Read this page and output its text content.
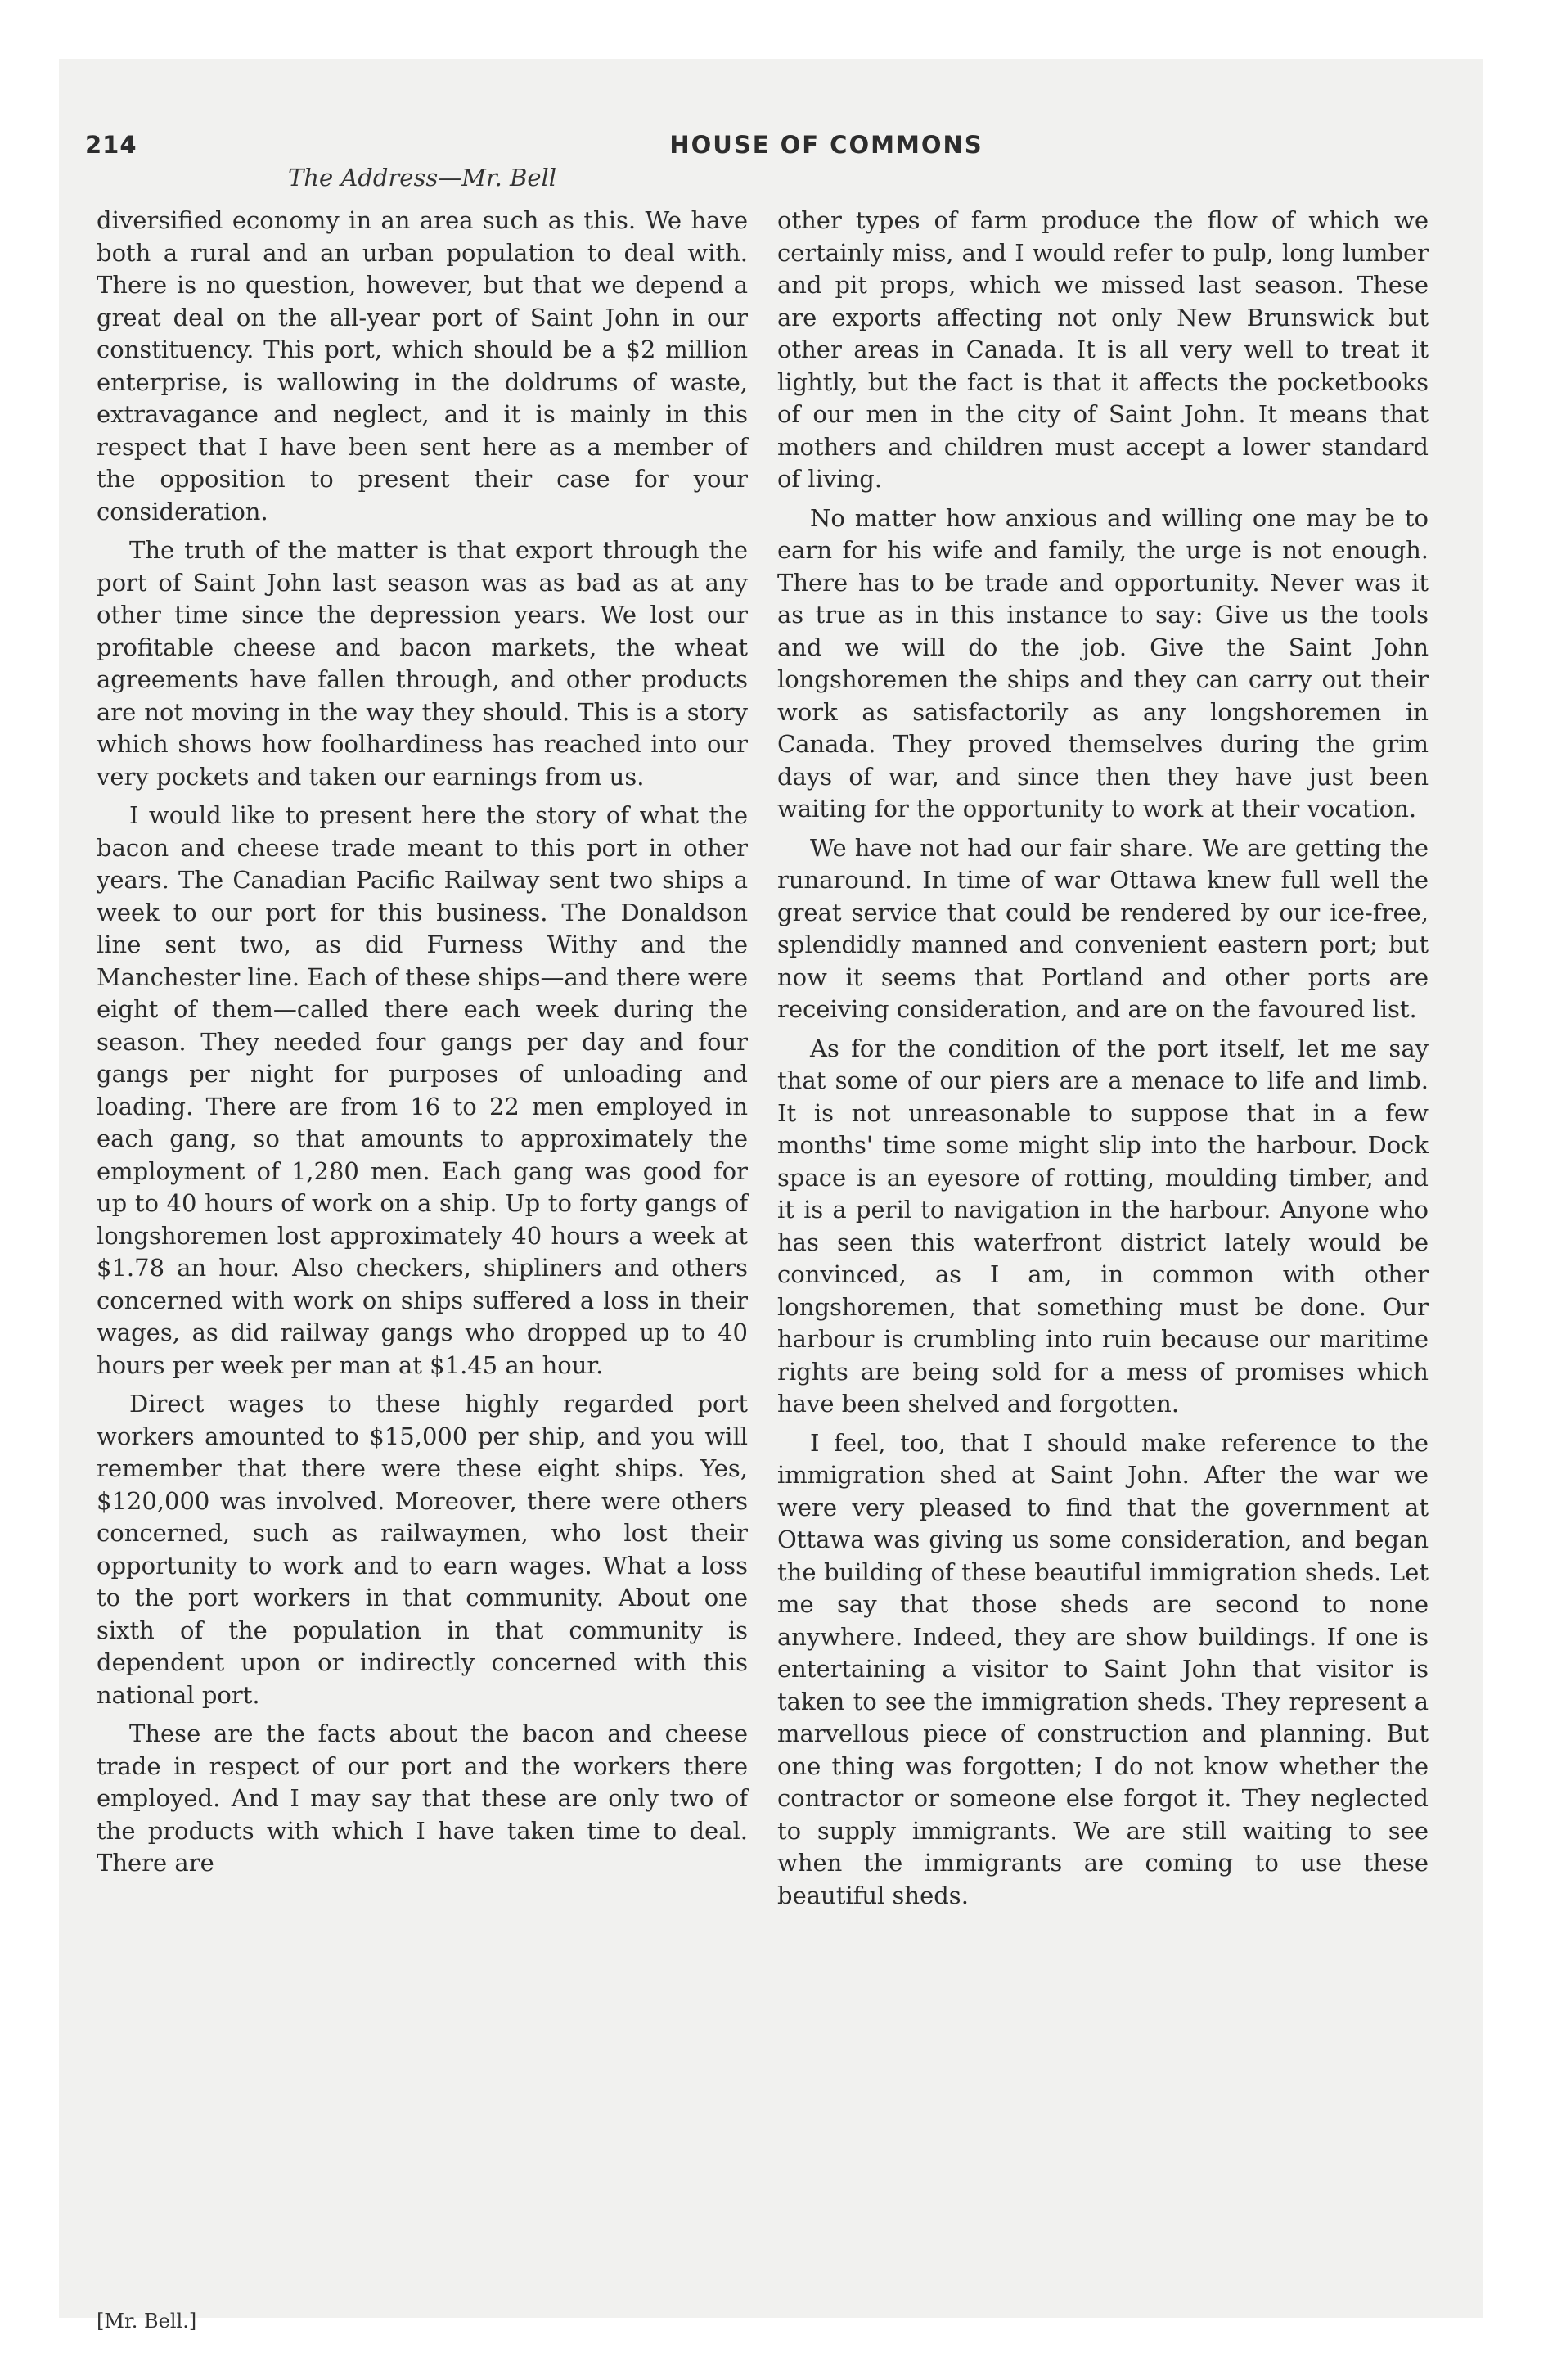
214	HOUSE OF COMMONS
The Address—Mr. Bell

diversified economy in an area such as this. We have both a rural and an urban population to deal with. There is no question, however, but that we depend a great deal on the all-year port of Saint John in our constituency. This port, which should be a $2 million enterprise, is wallowing in the doldrums of waste, extravagance and neglect, and it is mainly in this respect that I have been sent here as a member of the opposition to present their case for your consideration.

The truth of the matter is that export through the port of Saint John last season was as bad as at any other time since the depression years. We lost our profitable cheese and bacon markets, the wheat agreements have fallen through, and other products are not moving in the way they should. This is a story which shows how foolhardiness has reached into our very pockets and taken our earnings from us.

I would like to present here the story of what the bacon and cheese trade meant to this port in other years. The Canadian Pacific Railway sent two ships a week to our port for this business. The Donaldson line sent two, as did Furness Withy and the Manchester line. Each of these ships—and there were eight of them—called there each week during the season. They needed four gangs per day and four gangs per night for purposes of unloading and loading. There are from 16 to 22 men employed in each gang, so that amounts to approximately the employment of 1,280 men. Each gang was good for up to 40 hours of work on a ship. Up to forty gangs of longshoremen lost approximately 40 hours a week at $1.78 an hour. Also checkers, shipliners and others concerned with work on ships suffered a loss in their wages, as did railway gangs who dropped up to 40 hours per week per man at $1.45 an hour.

Direct wages to these highly regarded port workers amounted to $15,000 per ship, and you will remember that there were these eight ships. Yes, $120,000 was involved. Moreover, there were others concerned, such as railwaymen, who lost their opportunity to work and to earn wages. What a loss to the port workers in that community. About one sixth of the population in that community is dependent upon or indirectly concerned with this national port.

These are the facts about the bacon and cheese trade in respect of our port and the workers there employed. And I may say that these are only two of the products with which I have taken time to deal. There are

other types of farm produce the flow of which we certainly miss, and I would refer to pulp, long lumber and pit props, which we missed last season. These are exports affecting not only New Brunswick but other areas in Canada. It is all very well to treat it lightly, but the fact is that it affects the pocketbooks of our men in the city of Saint John. It means that mothers and children must accept a lower standard of living.

No matter how anxious and willing one may be to earn for his wife and family, the urge is not enough. There has to be trade and opportunity. Never was it as true as in this instance to say: Give us the tools and we will do the job. Give the Saint John longshoremen the ships and they can carry out their work as satisfactorily as any longshoremen in Canada. They proved themselves during the grim days of war, and since then they have just been waiting for the opportunity to work at their vocation.

We have not had our fair share. We are getting the runaround. In time of war Ottawa knew full well the great service that could be rendered by our ice-free, splendidly manned and convenient eastern port; but now it seems that Portland and other ports are receiving consideration, and are on the favoured list.

As for the condition of the port itself, let me say that some of our piers are a menace to life and limb. It is not unreasonable to suppose that in a few months' time some might slip into the harbour. Dock space is an eyesore of rotting, moulding timber, and it is a peril to navigation in the harbour. Anyone who has seen this waterfront district lately would be convinced, as I am, in common with other longshoremen, that something must be done. Our harbour is crumbling into ruin because our maritime rights are being sold for a mess of promises which have been shelved and forgotten.

I feel, too, that I should make reference to the immigration shed at Saint John. After the war we were very pleased to find that the government at Ottawa was giving us some consideration, and began the building of these beautiful immigration sheds. Let me say that those sheds are second to none anywhere. Indeed, they are show buildings. If one is entertaining a visitor to Saint John that visitor is taken to see the immigration sheds. They represent a marvellous piece of construction and planning. But one thing was forgotten; I do not know whether the contractor or someone else forgot it. They neglected to supply immigrants. We are still waiting to see when the immigrants are coming to use these beautiful sheds.

[Mr. Bell.]
